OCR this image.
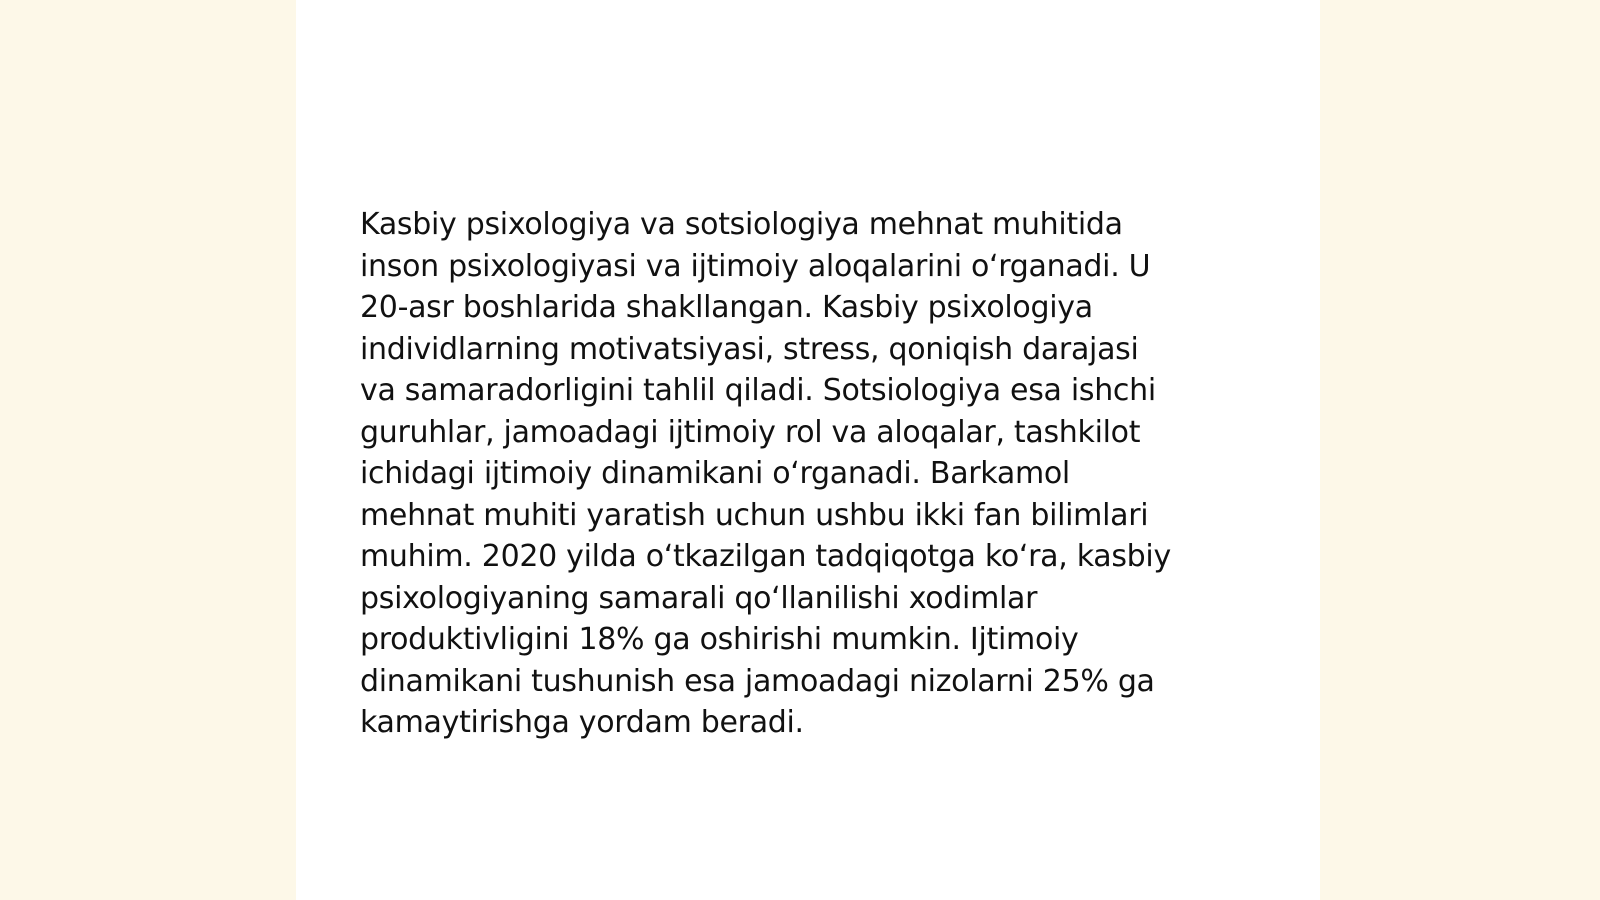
Kasbiy psixologiya va sotsiologiya mehnat muhitida
inson psixologiyasi va ijtimoiy aloqalarini o‘rganadi. U
20-asr boshlarida shakllangan. Kasbiy psixologiya
individlarning motivatsiyasi, stress, qoniqish darajasi
va samaradorligini tahlil qiladi. Sotsiologiya esa ishchi
guruhlar, jamoadagi ijtimoiy rol va aloqalar, tashkilot
ichidagi ijtimoiy dinamikani o‘rganadi. Barkamol
mehnat muhiti yaratish uchun ushbu ikki fan bilimlari
muhim. 2020 yilda o‘tkazilgan tadqiqotga ko‘ra, kasbiy
psixologiyaning samarali qo‘llanilishi xodimlar
produktivligini 18% ga oshirishi mumkin. Ijtimoiy
dinamikani tushunish esa jamoadagi nizolarni 25% ga
kamaytirishga yordam beradi.
